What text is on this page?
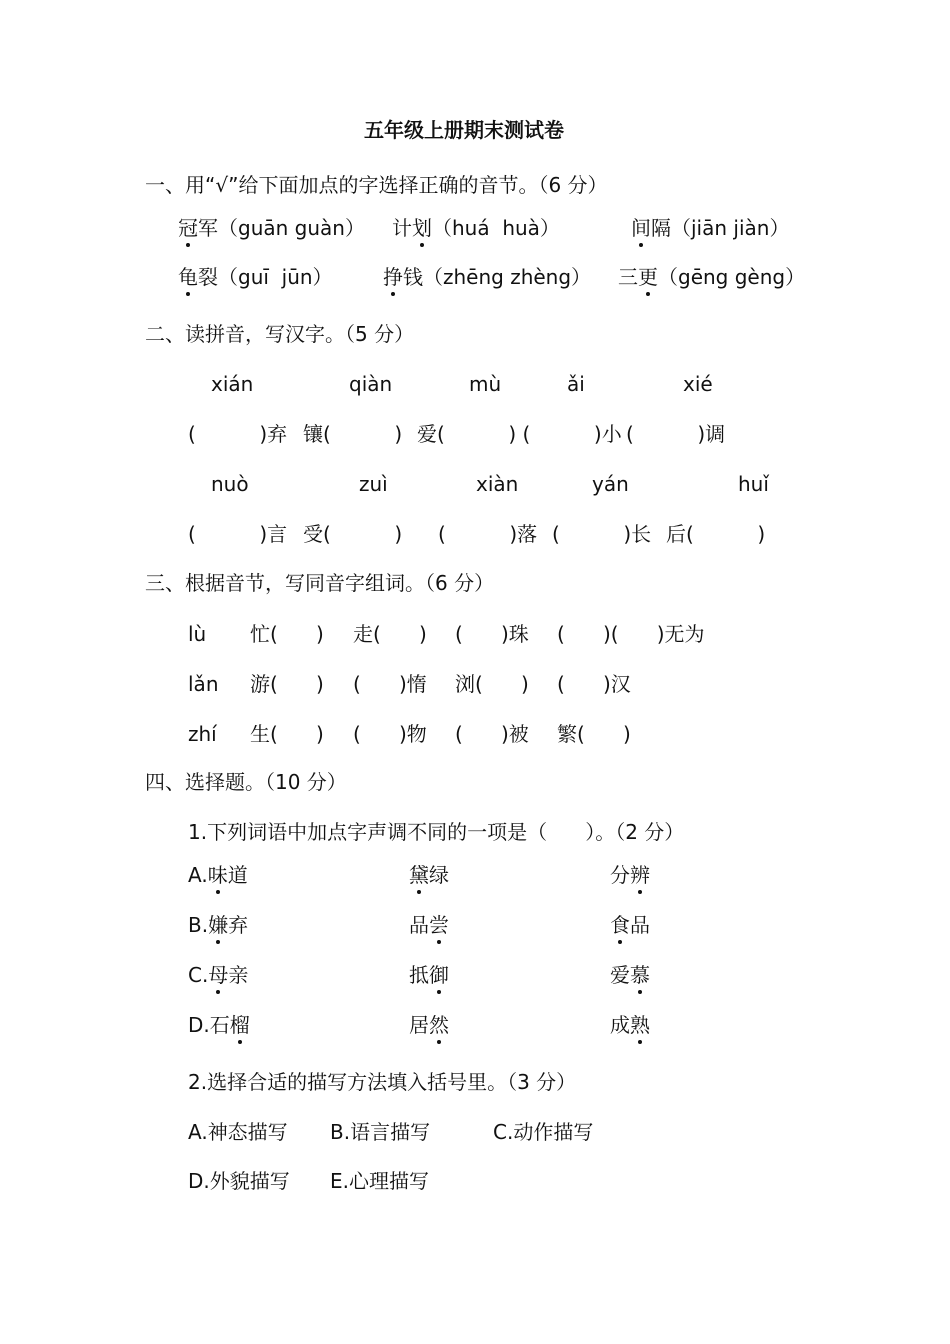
五年级上册期末测试卷
一、用“√”给下面加点的字选择正确的音节。（6 分）
冠军（guān guàn） 计划（huá  huà）	间隔（jiān jiàn）
龟裂（guī  jūn）	挣钱（zhēng zhèng） 三更（gēng gèng）
二、读拼音，写汉字。（5 分）
xián	qiàn	mù	ǎi	xié
(          )弃 镶(          ) 爱(          ) (          )小 (          )调
nuò	zuì	xiàn	yán	huǐ
(          )言 受(          ) (          )落 (          )长 后(          )
三、根据音节，写同音字组词。（6 分）
lù 忙(      ) 走(      ) (      )珠 (      )(      )无为
lǎn 游(      ) (      )惰 浏(      ) (      )汉
zhí 生(      ) (      )物 (      )被 繁(      )
四、选择题。（10 分）
1.下列词语中加点字声调不同的一项是（      ）。（2 分）
A.味道	黛绿	分辨
B.嫌弃	品尝	食品
C.母亲	抵御	爱慕
D.石榴	居然	成熟
2.选择合适的描写方法填入括号里。（3 分）
A.神态描写 B.语言描写	C.动作描写
D.外貌描写 E.心理描写
